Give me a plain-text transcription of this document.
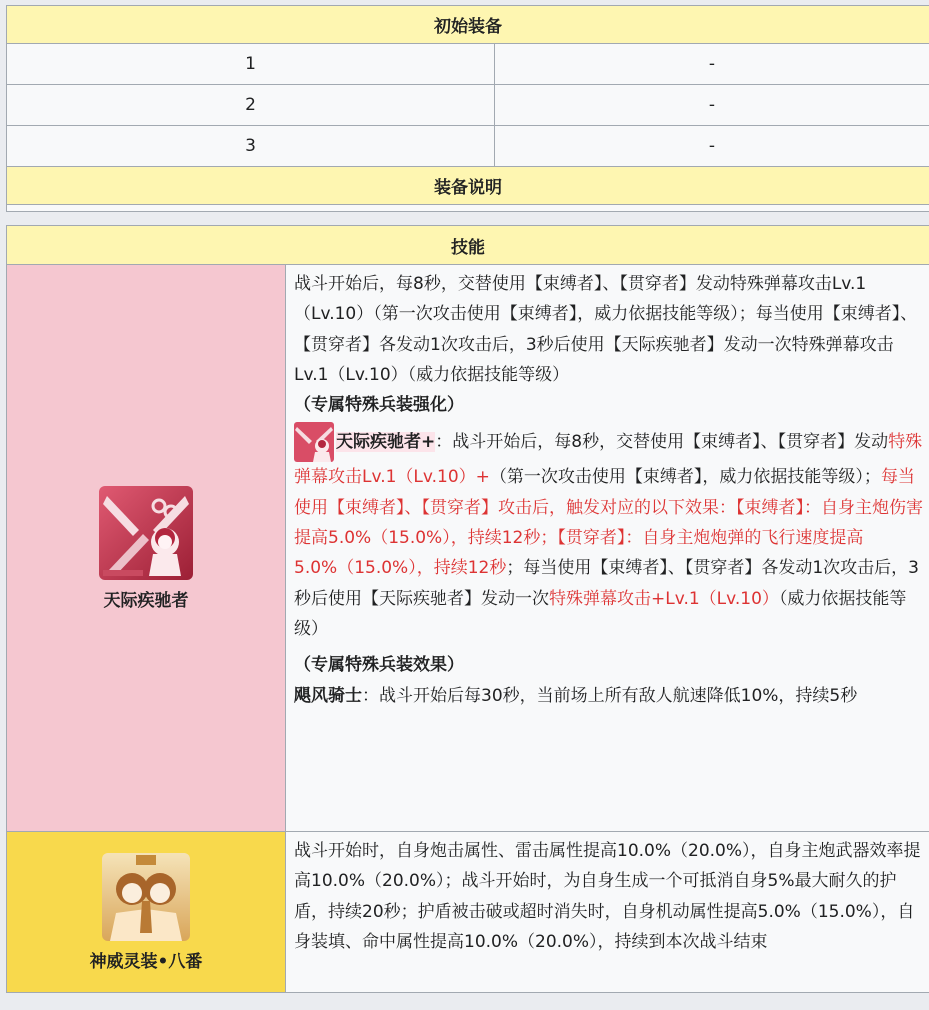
初始装备	
1	-
2	-
3	-
装备说明	

技能	

天际疾驰者	战斗开始后，每8秒，交替使用【束缚者】、【贯穿者】发动特殊弹幕攻击Lv.1（Lv.10）（第一次攻击使用【束缚者】，威力依据技能等级）；每当使用【束缚者】、【贯穿者】各发动1次攻击后，3秒后使用【天际疾驰者】发动一次特殊弹幕攻击Lv.1（Lv.10）（威力依据技能等级）

（专属特殊兵装强化）

天际疾驰者+：战斗开始后，每8秒，交替使用【束缚者】、【贯穿者】发动特殊弹幕攻击Lv.1（Lv.10）+（第一次攻击使用【束缚者】，威力依据技能等级）；每当使用【束缚者】、【贯穿者】攻击后，触发对应的以下效果：【束缚者】：自身主炮伤害提高5.0%（15.0%），持续12秒；【贯穿者】：自身主炮炮弹的飞行速度提高5.0%（15.0%），持续12秒；每当使用【束缚者】、【贯穿者】各发动1次攻击后，3秒后使用【天际疾驰者】发动一次特殊弹幕攻击+Lv.1（Lv.10）（威力依据技能等级）

（专属特殊兵装效果）

飓风骑士：战斗开始后每30秒，当前场上所有敌人航速降低10%，持续5秒

神威灵装•八番	战斗开始时，自身炮击属性、雷击属性提高10.0%（20.0%），自身主炮武器效率提高10.0%（20.0%）；战斗开始时，为自身生成一个可抵消自身5%最大耐久的护盾，持续20秒；护盾被击破或超时消失时，自身机动属性提高5.0%（15.0%），自身装填、命中属性提高10.0%（20.0%），持续到本次战斗结束
